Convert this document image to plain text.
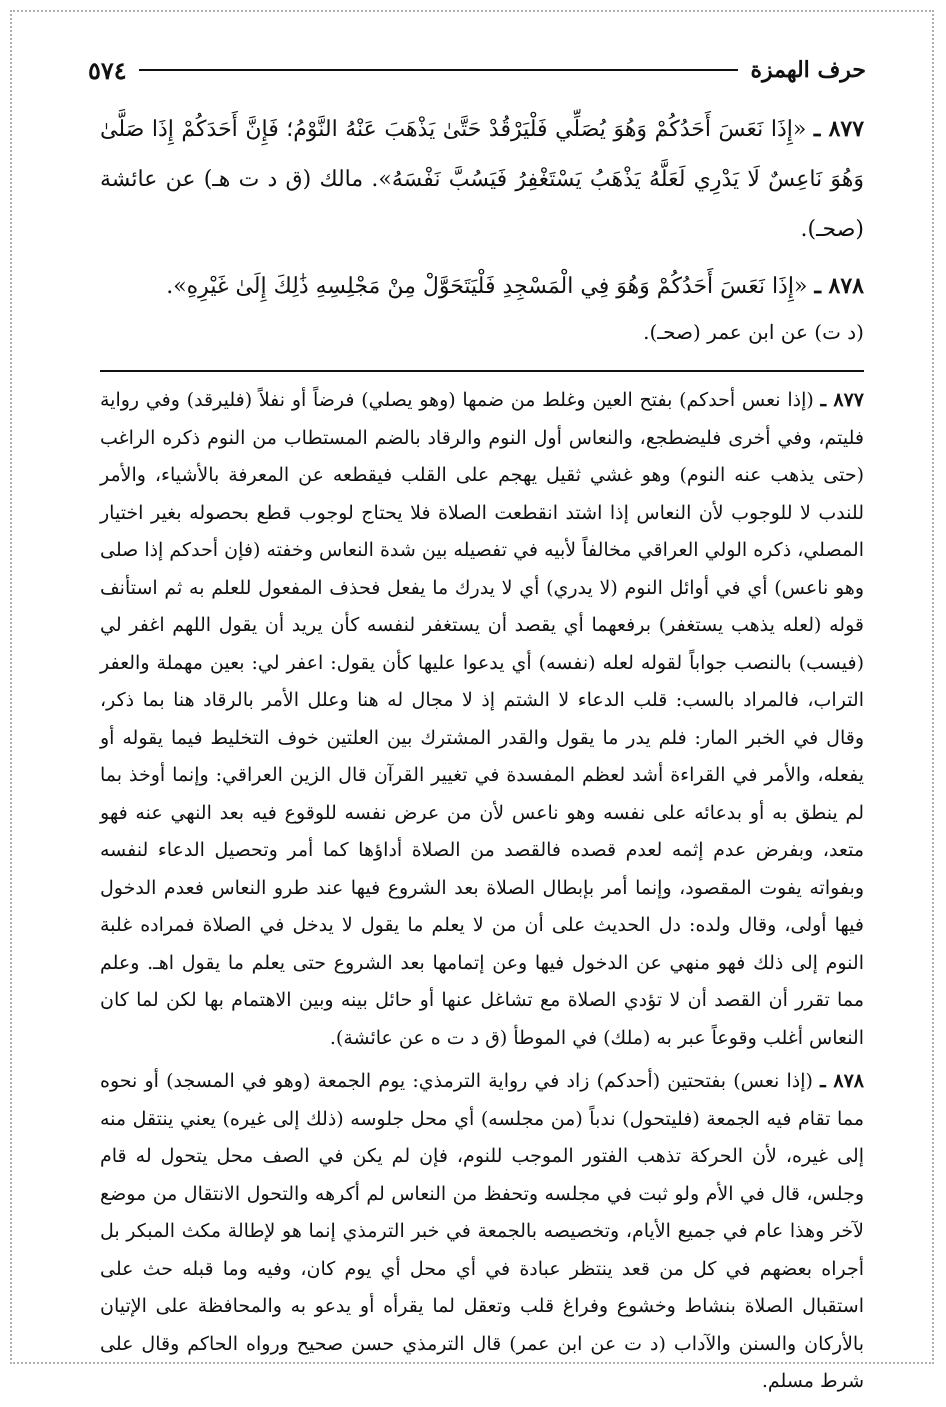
٥٧٤	حرف الهمزة

٨٧٧ ـ «إِذَا نَعَسَ أَحَدُكُمْ وَهُوَ يُصَلِّي فَلْيَرْقُدْ حَتَّىٰ يَذْهَبَ عَنْهُ النَّوْمُ؛ فَإِنَّ أَحَدَكُمْ إِذَا صَلَّىٰ وَهُوَ نَاعِسٌ لَا يَدْرِي لَعَلَّهُ يَذْهَبُ يَسْتَغْفِرُ فَيَسُبَّ نَفْسَهُ». مالك (ق د ت هـ) عن عائشة (صحـ).

٨٧٨ ـ «إِذَا نَعَسَ أَحَدُكُمْ وَهُوَ فِي الْمَسْجِدِ فَلْيَتَحَوَّلْ مِنْ مَجْلِسِهِ ذَٰلِكَ إِلَىٰ غَيْرِهِ».

(د ت) عن ابن عمر (صحـ).

٨٧٧ ـ (إذا نعس أحدكم) بفتح العين وغلط من ضمها (وهو يصلي) فرضاً أو نفلاً (فليرقد) وفي رواية فليتم، وفي أخرى فليضطجع، والنعاس أول النوم والرقاد بالضم المستطاب من النوم ذكره الراغب (حتى يذهب عنه النوم) وهو غشي ثقيل يهجم على القلب فيقطعه عن المعرفة بالأشياء، والأمر للندب لا للوجوب لأن النعاس إذا اشتد انقطعت الصلاة فلا يحتاج لوجوب قطع بحصوله بغير اختيار المصلي، ذكره الولي العراقي مخالفاً لأبيه في تفصيله بين شدة النعاس وخفته (فإن أحدكم إذا صلى وهو ناعس) أي في أوائل النوم (لا يدري) أي لا يدرك ما يفعل فحذف المفعول للعلم به ثم استأنف قوله (لعله يذهب يستغفر) برفعهما أي يقصد أن يستغفر لنفسه كأن يريد أن يقول اللهم اغفر لي (فيسب) بالنصب جواباً لقوله لعله (نفسه) أي يدعوا عليها كأن يقول: اعفر لي: بعين مهملة والعفر التراب، فالمراد بالسب: قلب الدعاء لا الشتم إذ لا مجال له هنا وعلل الأمر بالرقاد هنا بما ذكر، وقال في الخبر المار: فلم يدر ما يقول والقدر المشترك بين العلتين خوف التخليط فيما يقوله أو يفعله، والأمر في القراءة أشد لعظم المفسدة في تغيير القرآن قال الزين العراقي: وإنما أوخذ بما لم ينطق به أو بدعائه على نفسه وهو ناعس لأن من عرض نفسه للوقوع فيه بعد النهي عنه فهو متعد، وبفرض عدم إثمه لعدم قصده فالقصد من الصلاة أداؤها كما أمر وتحصيل الدعاء لنفسه وبفواته يفوت المقصود، وإنما أمر بإبطال الصلاة بعد الشروع فيها عند طرو النعاس فعدم الدخول فيها أولى، وقال ولده: دل الحديث على أن من لا يعلم ما يقول لا يدخل في الصلاة فمراده غلبة النوم إلى ذلك فهو منهي عن الدخول فيها وعن إتمامها بعد الشروع حتى يعلم ما يقول اهـ. وعلم مما تقرر أن القصد أن لا تؤدي الصلاة مع تشاغل عنها أو حائل بينه وبين الاهتمام بها لكن لما كان النعاس أغلب وقوعاً عبر به (ملك) في الموطأ (ق د ت ه عن عائشة).

٨٧٨ ـ (إذا نعس) بفتحتين (أحدكم) زاد في رواية الترمذي: يوم الجمعة (وهو في المسجد) أو نحوه مما تقام فيه الجمعة (فليتحول) ندباً (من مجلسه) أي محل جلوسه (ذلك إلى غيره) يعني ينتقل منه إلى غيره، لأن الحركة تذهب الفتور الموجب للنوم، فإن لم يكن في الصف محل يتحول له قام وجلس، قال في الأم ولو ثبت في مجلسه وتحفظ من النعاس لم أكرهه والتحول الانتقال من موضع لآخر وهذا عام في جميع الأيام، وتخصيصه بالجمعة في خبر الترمذي إنما هو لإطالة مكث المبكر بل أجراه بعضهم في كل من قعد ينتظر عبادة في أي محل أي يوم كان، وفيه وما قبله حث على استقبال الصلاة بنشاط وخشوع وفراغ قلب وتعقل لما يقرأه أو يدعو به والمحافظة على الإتيان بالأركان والسنن والآداب (د ت عن ابن عمر) قال الترمذي حسن صحيح ورواه الحاكم وقال على شرط مسلم.
